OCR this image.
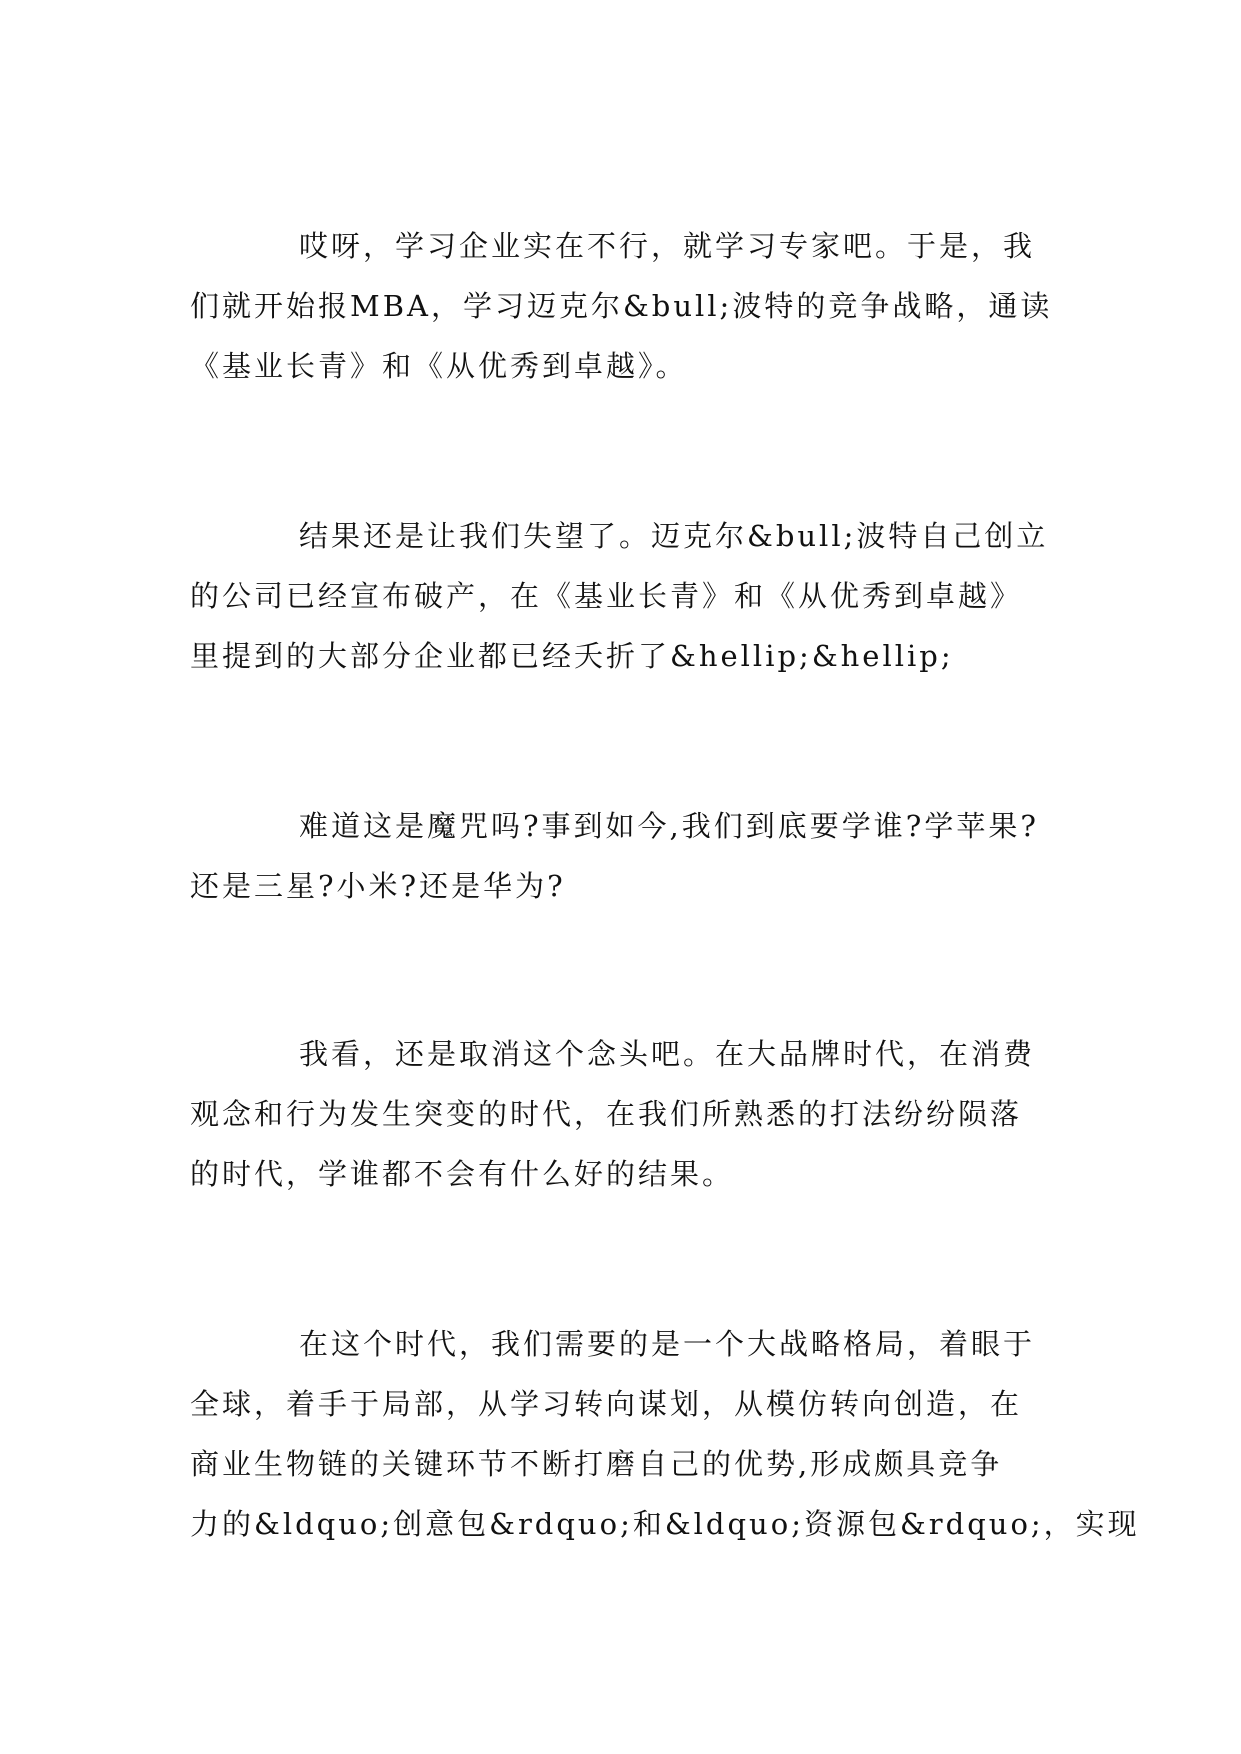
哎呀，学习企业实在不行，就学习专家吧。于是，我
们就开始报MBA，学习迈克尔&bull;波特的竞争战略，通读
《基业长青》和《从优秀到卓越》。
结果还是让我们失望了。迈克尔&bull;波特自己创立
的公司已经宣布破产，在《基业长青》和《从优秀到卓越》
里提到的大部分企业都已经夭折了&hellip;&hellip;
难道这是魔咒吗?事到如今,我们到底要学谁?学苹果?
还是三星?小米?还是华为?
我看，还是取消这个念头吧。在大品牌时代，在消费
观念和行为发生突变的时代，在我们所熟悉的打法纷纷陨落
的时代，学谁都不会有什么好的结果。
在这个时代，我们需要的是一个大战略格局，着眼于
全球，着手于局部，从学习转向谋划，从模仿转向创造，在
商业生物链的关键环节不断打磨自己的优势,形成颇具竞争
力的&ldquo;创意包&rdquo;和&ldquo;资源包&rdquo;，实现
